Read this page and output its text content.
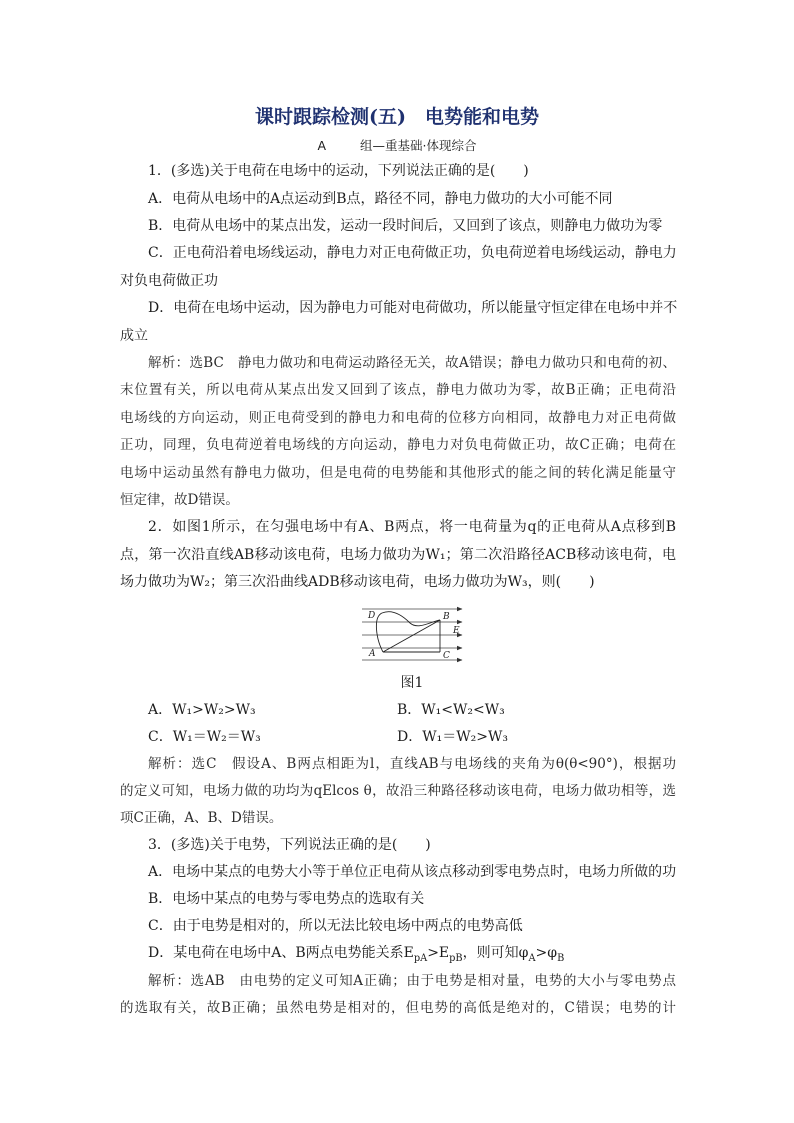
课时跟踪检测(五)　电势能和电势
A	组—重基础·体现综合
1．(多选)关于电荷在电场中的运动，下列说法正确的是(　　)
A．电荷从电场中的A点运动到B点，路径不同，静电力做功的大小可能不同
B．电荷从电场中的某点出发，运动一段时间后，又回到了该点，则静电力做功为零
C．正电荷沿着电场线运动，静电力对正电荷做正功，负电荷逆着电场线运动，静电力
对负电荷做正功
D．电荷在电场中运动，因为静电力可能对电荷做功，所以能量守恒定律在电场中并不
成立
解析：选BC　静电力做功和电荷运动路径无关，故A错误；静电力做功只和电荷的初、
末位置有关，所以电荷从某点出发又回到了该点，静电力做功为零，故B正确；正电荷沿
电场线的方向运动，则正电荷受到的静电力和电荷的位移方向相同，故静电力对正电荷做
正功，同理，负电荷逆着电场线的方向运动，静电力对负电荷做正功，故C正确；电荷在
电场中运动虽然有静电力做功，但是电荷的电势能和其他形式的能之间的转化满足能量守
恒定律，故D错误。
2．如图1所示，在匀强电场中有A、B两点，将一电荷量为q的正电荷从A点移到B
点，第一次沿直线AB移动该电荷，电场力做功为W₁；第二次沿路径ACB移动该电荷，电
场力做功为W₂；第三次沿曲线ADB移动该电荷，电场力做功为W₃，则(　　)
D	B
E
A	C
图1
A．W₁>W₂>W₃	B．W₁<W₂<W₃
C．W₁＝W₂＝W₃	D．W₁＝W₂>W₃
解析：选C　假设A、B两点相距为l，直线AB与电场线的夹角为θ(θ<90°)，根据功
的定义可知，电场力做的功均为qElcos θ，故沿三种路径移动该电荷，电场力做功相等，选
项C正确，A、B、D错误。
3．(多选)关于电势，下列说法正确的是(　　)
A．电场中某点的电势大小等于单位正电荷从该点移动到零电势点时，电场力所做的功
B．电场中某点的电势与零电势点的选取有关
C．由于电势是相对的，所以无法比较电场中两点的电势高低
D．某电荷在电场中A、B两点电势能关系$E_{pA}>E_{pB}$，则可知$\varphi_A>\varphi_B$
解析：选AB　由电势的定义可知A正确；由于电势是相对量，电势的大小与零电势点
的选取有关，故B正确；虽然电势是相对的，但电势的高低是绝对的，C错误；电势的计
